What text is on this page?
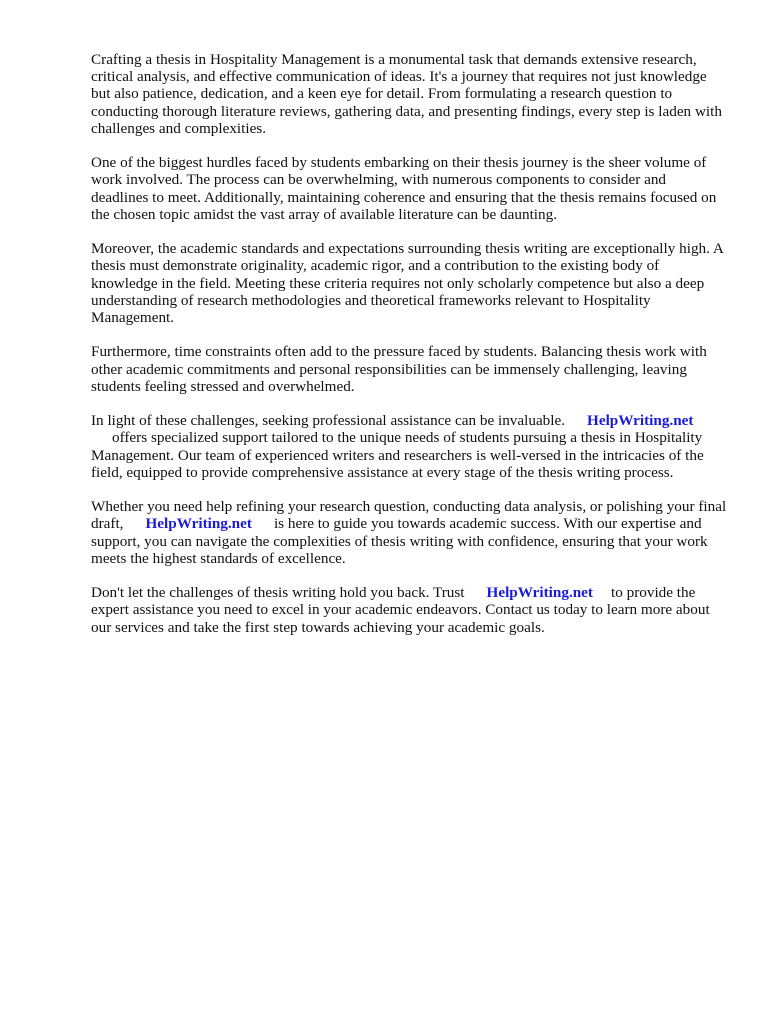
Crafting a thesis in Hospitality Management is a monumental task that demands extensive research, critical analysis, and effective communication of ideas. It's a journey that requires not just knowledge but also patience, dedication, and a keen eye for detail. From formulating a research question to conducting thorough literature reviews, gathering data, and presenting findings, every step is laden with challenges and complexities.

One of the biggest hurdles faced by students embarking on their thesis journey is the sheer volume of work involved. The process can be overwhelming, with numerous components to consider and deadlines to meet. Additionally, maintaining coherence and ensuring that the thesis remains focused on the chosen topic amidst the vast array of available literature can be daunting.

Moreover, the academic standards and expectations surrounding thesis writing are exceptionally high. A thesis must demonstrate originality, academic rigor, and a contribution to the existing body of knowledge in the field. Meeting these criteria requires not only scholarly competence but also a deep understanding of research methodologies and theoretical frameworks relevant to Hospitality Management.

Furthermore, time constraints often add to the pressure faced by students. Balancing thesis work with other academic commitments and personal responsibilities can be immensely challenging, leaving students feeling stressed and overwhelmed.

In light of these challenges, seeking professional assistance can be invaluable. HelpWriting.net
offers specialized support tailored to the unique needs of students pursuing a thesis in Hospitality Management. Our team of experienced writers and researchers is well-versed in the intricacies of the field, equipped to provide comprehensive assistance at every stage of the thesis writing process.

Whether you need help refining your research question, conducting data analysis, or polishing your final draft, HelpWriting.net is here to guide you towards academic success. With our expertise and support, you can navigate the complexities of thesis writing with confidence, ensuring that your work meets the highest standards of excellence.

Don't let the challenges of thesis writing hold you back. Trust HelpWriting.net to provide the expert assistance you need to excel in your academic endeavors. Contact us today to learn more about our services and take the first step towards achieving your academic goals.
